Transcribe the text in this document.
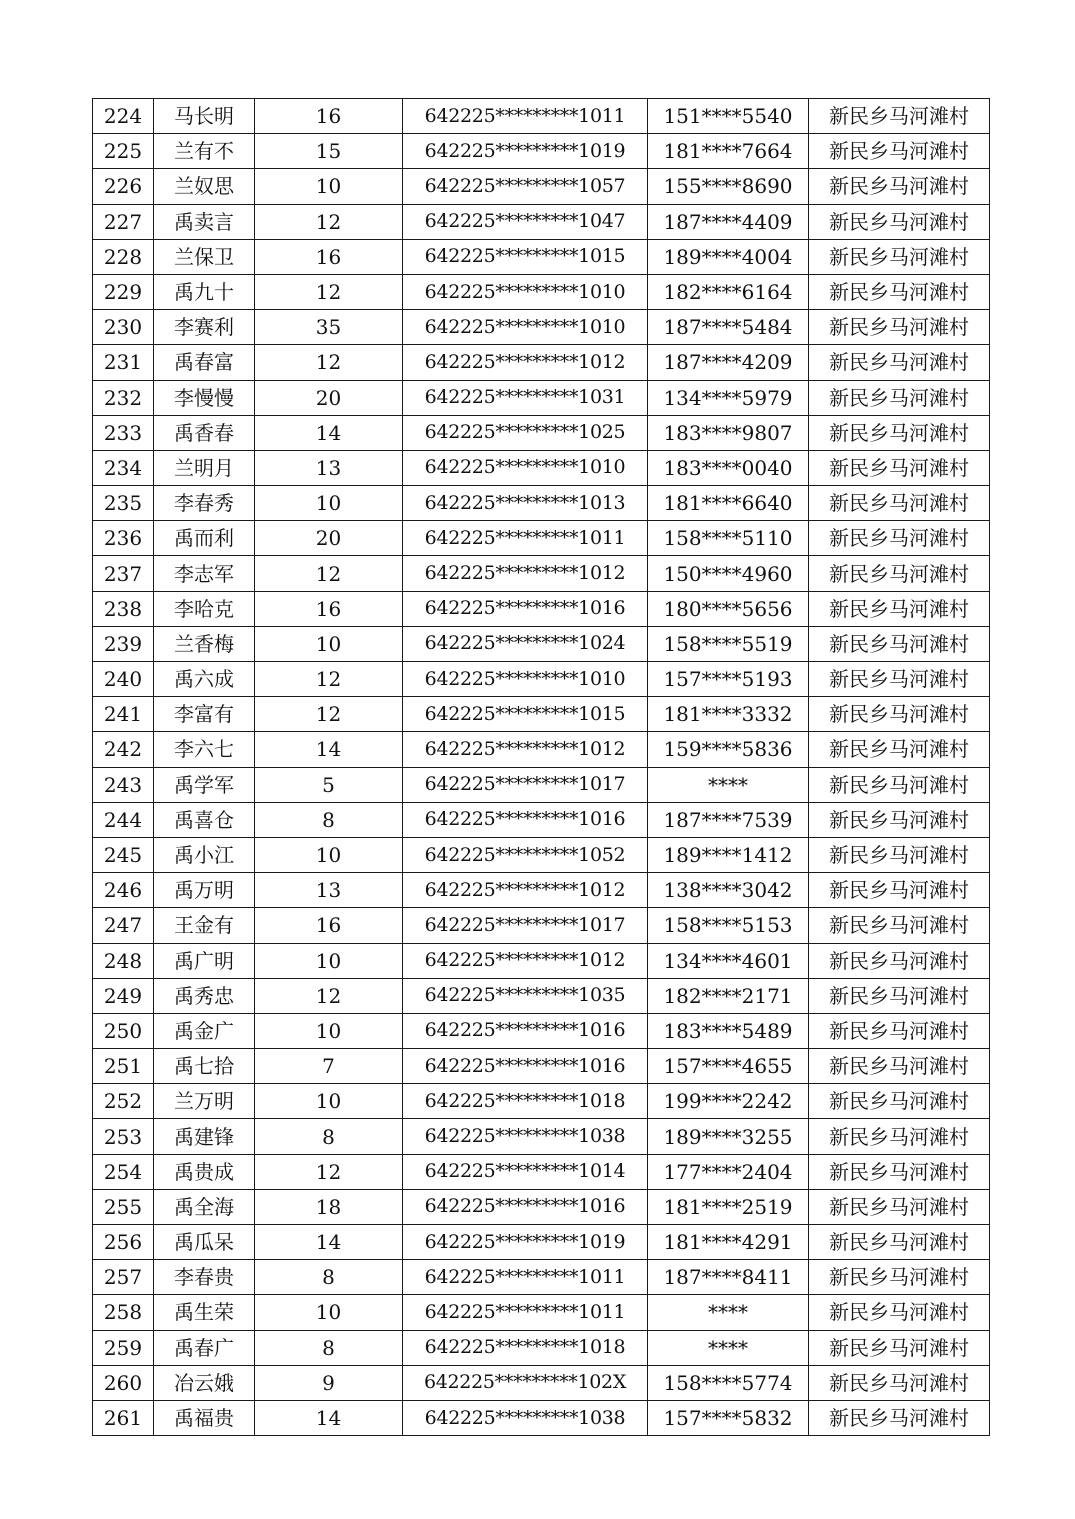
224	马长明	16	642225*********1011	151****5540	新民乡马河滩村
225	兰有不	15	642225*********1019	181****7664	新民乡马河滩村
226	兰奴思	10	642225*********1057	155****8690	新民乡马河滩村
227	禹卖言	12	642225*********1047	187****4409	新民乡马河滩村
228	兰保卫	16	642225*********1015	189****4004	新民乡马河滩村
229	禹九十	12	642225*********1010	182****6164	新民乡马河滩村
230	李赛利	35	642225*********1010	187****5484	新民乡马河滩村
231	禹春富	12	642225*********1012	187****4209	新民乡马河滩村
232	李慢慢	20	642225*********1031	134****5979	新民乡马河滩村
233	禹香春	14	642225*********1025	183****9807	新民乡马河滩村
234	兰明月	13	642225*********1010	183****0040	新民乡马河滩村
235	李春秀	10	642225*********1013	181****6640	新民乡马河滩村
236	禹而利	20	642225*********1011	158****5110	新民乡马河滩村
237	李志军	12	642225*********1012	150****4960	新民乡马河滩村
238	李哈克	16	642225*********1016	180****5656	新民乡马河滩村
239	兰香梅	10	642225*********1024	158****5519	新民乡马河滩村
240	禹六成	12	642225*********1010	157****5193	新民乡马河滩村
241	李富有	12	642225*********1015	181****3332	新民乡马河滩村
242	李六七	14	642225*********1012	159****5836	新民乡马河滩村
243	禹学军	5	642225*********1017	****	新民乡马河滩村
244	禹喜仓	8	642225*********1016	187****7539	新民乡马河滩村
245	禹小江	10	642225*********1052	189****1412	新民乡马河滩村
246	禹万明	13	642225*********1012	138****3042	新民乡马河滩村
247	王金有	16	642225*********1017	158****5153	新民乡马河滩村
248	禹广明	10	642225*********1012	134****4601	新民乡马河滩村
249	禹秀忠	12	642225*********1035	182****2171	新民乡马河滩村
250	禹金广	10	642225*********1016	183****5489	新民乡马河滩村
251	禹七拾	7	642225*********1016	157****4655	新民乡马河滩村
252	兰万明	10	642225*********1018	199****2242	新民乡马河滩村
253	禹建锋	8	642225*********1038	189****3255	新民乡马河滩村
254	禹贵成	12	642225*********1014	177****2404	新民乡马河滩村
255	禹全海	18	642225*********1016	181****2519	新民乡马河滩村
256	禹瓜呆	14	642225*********1019	181****4291	新民乡马河滩村
257	李春贵	8	642225*********1011	187****8411	新民乡马河滩村
258	禹生荣	10	642225*********1011	****	新民乡马河滩村
259	禹春广	8	642225*********1018	****	新民乡马河滩村
260	冶云娥	9	642225*********102X	158****5774	新民乡马河滩村
261	禹福贵	14	642225*********1038	157****5832	新民乡马河滩村
